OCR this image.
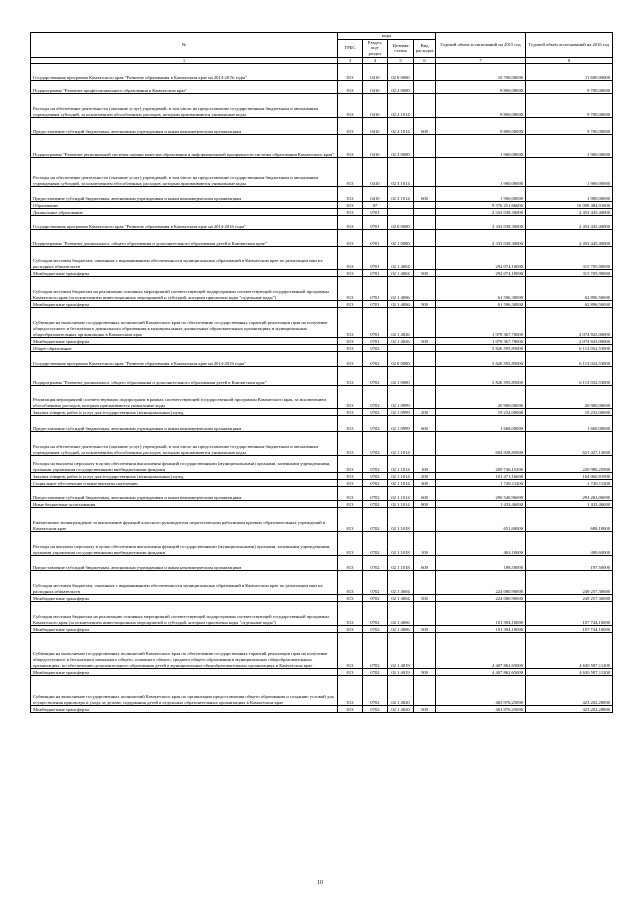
№	коды				Годовой объем ассигнований на 2015 год	Годовой объем ассигнований на 2016 год
	ГРБС	Раздел, под-раздел	Целевая статья	Вид расходов		
1	3	4	5	6	7	8
Государственная программа Камчатского края "Развитие образования в Камчатском крае на 2014-20 № годы"	813	0410	02 0 0000		10 700,00000	11 600,00000
Подпрограмма "Развитие профессионального образования в Камчатском крае"	813	0410	02 2 0000		8 800,00000	9 700,00000
Расходы на обеспечение деятельности (оказание услуг) учреждений, в том числе на предоставление государственным бюджетным и автономным учреждениям субсидий, за исключением обособленных расходов, которым присваиваются уникальные коды	813	0410	02 2 1014		8 800,00000	9 700,00000
Предоставление субсидий бюджетным, автономным учреждениям и иным некоммерческим организациям	813	0410	02 2 1014	600	8 800,00000	9 700,00000
Подпрограмма "Развитие региональной системы оценки качества образования и информационной прозрачности системы образования Камчатского края"	813	0410	02 3 0000		1 900,00000	1 900,00000
Расходы на обеспечение деятельности (оказание услуг) учреждений, в том числе на предоставление государственным бюджетным и автономным учреждениям субсидий, за исключением обособленных расходов, которым присваиваются уникальные коды	813	0410	02 3 1014		1 900,00000	1 900,00000
Предоставление субсидий бюджетным, автономным учреждениям и иным некоммерческим организациям	813	0410	02 3 1014	600	1 900,00000	1 900,00000
Образование	813	07			9 576 251,66000	10 009 484,91600
Дошкольное образование	813	0701			2 333 038,30000	2 453 445,40000
Государственная программа Камчатского края "Развитие образования в Камчатском крае на 2014-2016 годы"	813	0701	02 0 0000		2 333 038,30000	2 453 445,40000
Подпрограмма "Развитие дошкольного, общего образования и дополнительного образования детей в Камчатском крае"	813	0701	02 1 0000		2 333 038,30000	2 453 445,40000
Субсидии местным бюджетам, связанные с выравниванием обеспеченности муниципальных образований в Камчатском крае по реализации ими их расходных обязательств	813	0701	02 1 4004		292 074,10000	315 705,90000
Межбюджетные трансферты	813	0701	02 1 4004	500	292 074,10000	315 705,90000
Субсидии местным бюджетам на реализацию основных мероприятий соответствующей подпрограммы соответствующей государственной программы Камчатского края (за исключением инвестиционных мероприятий и субсидий, которым присвоены коды "отдельные коды")	813	0701	02 1 4006		61 596,30000	62 896,50000
Межбюджетные трансферты	813	0701	02 1 4006	500	61 596,30000	62 896,50000
Субвенции на выполнение государственных полномочий Камчатского края по обеспечению государственных гарантий реализации прав на получение общедоступного и бесплатного дошкольного образования в муниципальных дошкольных образовательных организациях и муниципальных общеобразовательных организациях в Камчатском крае	813	0701	02 1 4026		1 979 367,70000	2 074 843,00000
Межбюджетные трансферты	813	0701	02 1 4026	500	1 979 367,70000	2 074 843,00000
Общее образование	813	0702			5 826 595,85000	6 113 032,53000
Государственная программа Камчатского края "Развитие образования в Камчатском крае на 2014-2016 годы"	813	0702	02 0 0000		5 826 595,85000	6 113 032,53000
Подпрограмма "Развитие дошкольного, общего образования и дополнительного образования детей в Камчатском крае"	813	0702	02 1 0000		5 826 595,85000	6 113 032,53000
Реализация мероприятий соответствующих подпрограмм в рамках соответствующей государственной программы Камчатского края, за исключением обособленных расходов, которым присваиваются уникальные коды	813	0702	02 1 0999		20 900,00000	20 900,00000
Закупка товаров, работ и услуг для государственных (муниципальных) нужд	813	0702	02 1 0999	200	19 232,00000	19 232,00000
Предоставление субсидий бюджетным, автономным учреждениям и иным некоммерческим организациям	813	0702	02 1 0999	600	1 668,00000	1 668,00000
Расходы на обеспечение деятельности (оказание услуг) учреждений, в том числе на предоставление государственным бюджетным и автономным учреждениям субсидий, за исключением обособленных расходов, которым присваиваются уникальные коды	813	0702	02 1 1014		604 928,85000	621 427,13000
Расходы на выплаты персоналу в целях обеспечения выполнения функций государственными (муниципальными) органами, казенными учреждениями, органами управления государственными внебюджетными фондами	813	0702	02 1 1014	100	209 736,15200	220 980,25900
Закупка товаров, работ и услуг для государственных (муниципальных) нужд	813	0702	02 1 1014	200	101 471,16600	104 060,81900
Социальное обеспечение и иные выплаты населению	813	0702	02 1 1014	300	1 749,11200	1 749,11200
Предоставление субсидий бюджетным, автономным учреждениям и иным некоммерческим организациям	813	0702	02 1 1014	600	290 540,96000	293 263,06000
Иные бюджетные ассигнования	813	0702	02 1 1014	800	1 433,46000	1 433,46000
Ежемесячное вознаграждение за выполнение функций классного руководителя педагогическим работникам краевых образовательных учреждений в Камчатском крае	813	0702	02 1 1018		651,60000	688,10000
Расходы на выплаты персоналу в целях обеспечения выполнения функций государственными (муниципальными) органами, казенными учреждениями, органами управления государственными внебюджетными фондами	813	0702	02 1 1018	100	463,10000	490,60000
Предоставление субсидий бюджетным, автономным учреждениям и иным некоммерческим организациям	813	0702	02 1 1018	600	188,50000	197,50000
Субсидии местным бюджетам, связанные с выравниванием обеспеченности муниципальных образований в Камчатском крае по реализации ими их расходных обязательств	813	0702	02 1 4004		224 080,90000	249 257,30000
Межбюджетные трансферты	813	0702	02 1 4004	500	224 080,90000	249 257,30000
Субсидии местным бюджетам на реализацию основных мероприятий соответствующей подпрограммы соответствующей государственной программы Камчатского края (за исключением инвестиционных мероприятий и субсидий, которым присвоены коды "отдельные коды")	813	0702	02 1 4006		101 394,10000	107 744,10000
Межбюджетные трансферты	813	0702	02 1 4006	500	101 394,10000	107 744,10000
Субвенции на выполнение государственных полномочий Камчатского края по обеспечению государственных гарантий реализации прав на получение общедоступного и бесплатного начального общего, основного общего, среднего общего образования в муниципальных общеобразовательных организациях, по обеспечению дополнительного образования детей в муниципальных общеобразовательных организациях в Камчатском крае	813	0702	02 1 4019		4 407 862,65000	4 630 587,11200
Межбюджетные трансферты	813	0702	02 1 4019	500	4 407 862,65000	4 630 587,11200
Субвенции на выполнение государственных полномочий Камчатского края по организации предоставления общего образования и созданию условий для осуществления присмотра и ухода за детьми, содержания детей в отдельных образовательных организациях в Камчатском крае	813	0702	02 1 4020		463 976,25000	423 202,28800
Межбюджетные трансферты	813	0702	02 1 4020	500	463 976,25000	423 202,28800
10
